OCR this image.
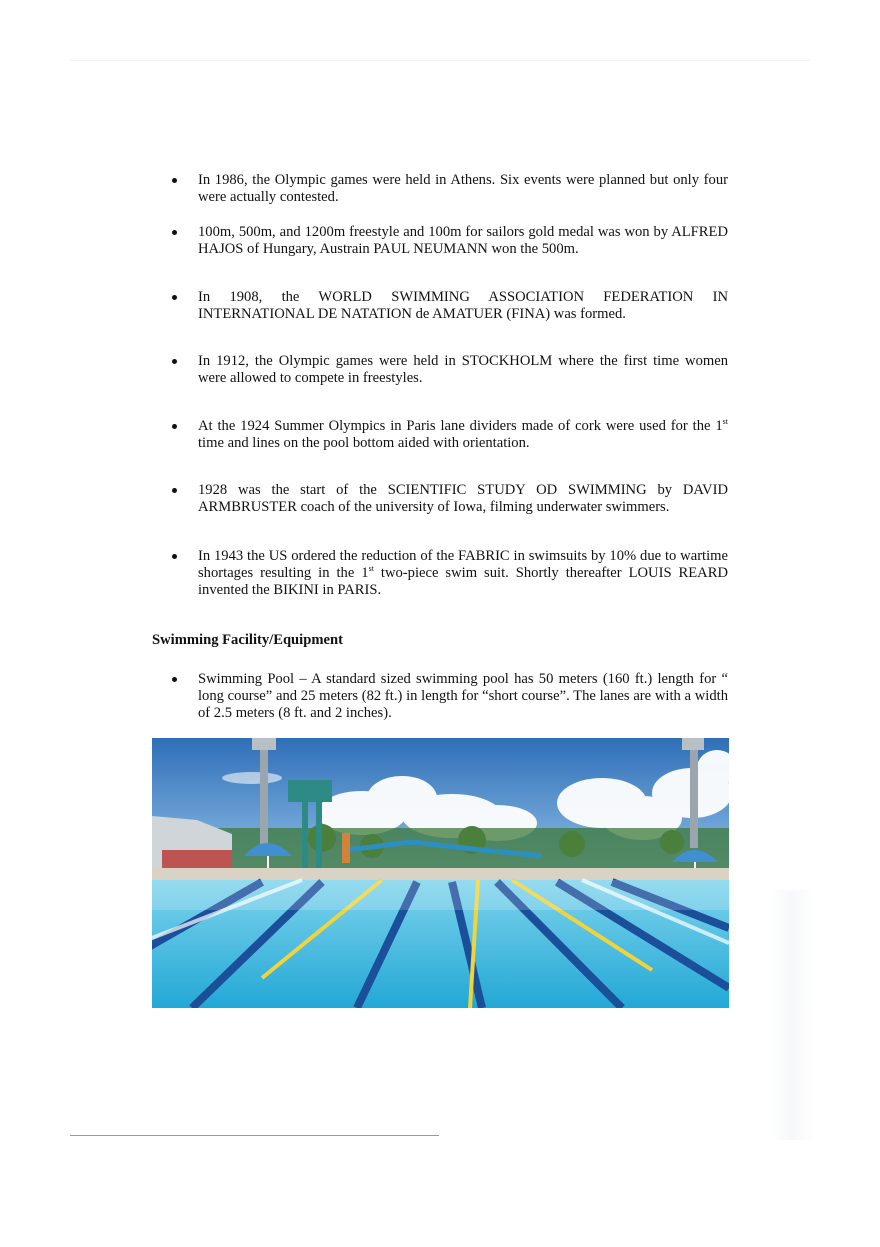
In 1986, the Olympic games were held in Athens. Six events were planned but only four were actually contested.
100m, 500m, and 1200m freestyle and 100m for sailors gold medal was won by ALFRED HAJOS of Hungary, Austrain PAUL NEUMANN won the 500m.
In 1908, the WORLD SWIMMING ASSOCIATION FEDERATION IN INTERNATIONAL DE NATATION de AMATUER (FINA) was formed.
In 1912, the Olympic games were held in STOCKHOLM where the first time women were allowed to compete in freestyles.
At the 1924 Summer Olympics in Paris lane dividers made of cork were used for the 1st time and lines on the pool bottom aided with orientation.
1928 was the start of the SCIENTIFIC STUDY OD SWIMMING by DAVID ARMBRUSTER coach of the university of Iowa, filming underwater swimmers.
In 1943 the US ordered the reduction of the FABRIC in swimsuits by 10% due to wartime shortages resulting in the 1st two-piece swim suit. Shortly thereafter LOUIS REARD invented the BIKINI in PARIS.
Swimming Facility/Equipment
Swimming Pool – A standard sized swimming pool has 50 meters (160 ft.) length for “ long course” and 25 meters (82 ft.) in length for “short course”. The lanes are with a width of 2.5 meters (8 ft. and 2 inches).
